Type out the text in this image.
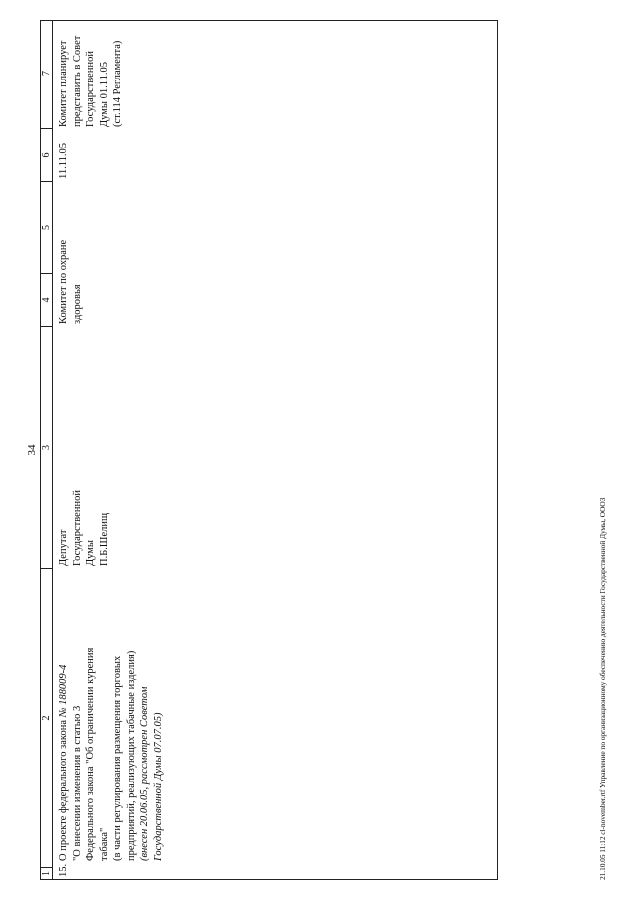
34
1
2
3
4
5
6
7
15.

О проекте федерального закона № 188009-4

"О внесении изменения в статью 3 Федерального закона "Об ограничении курения табака" (в части регулирования размещения торговых предприятий, реализующих табачные изделия) (внесен 20.06.05, рассмотрен Советом Государственной Думы 07.07.05)

Депутат Государственной Думы П.Б.Шелищ

Комитет по охране здоровья

11.11.05

Комитет планирует представить в Совет Государственной Думы 01.11.05 (ст.114 Регламента)

21.10.05 11:12 cl-november.rtf Управление по организационному обеспечению деятельности Государственной Думы, ООО3
